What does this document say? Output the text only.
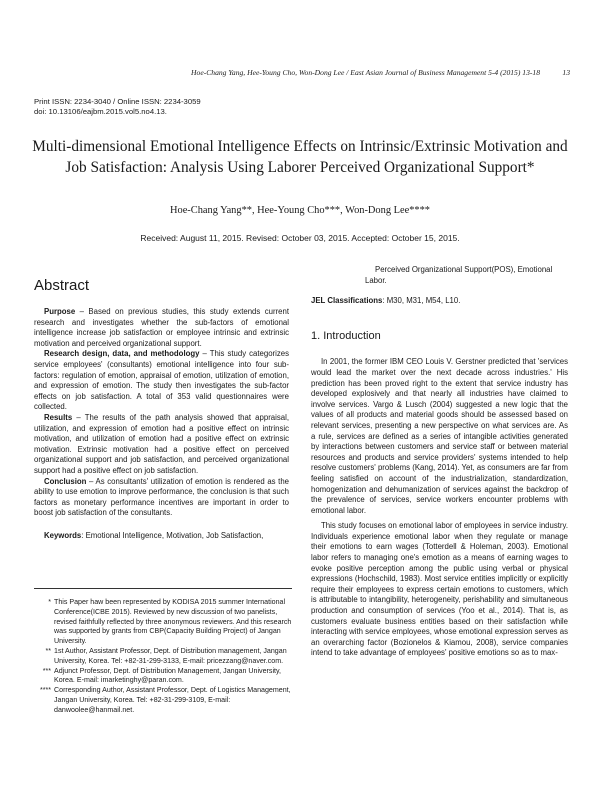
Hoe-Chang Yang, Hee-Young Cho, Won-Dong Lee / East Asian Journal of Business Management 5-4 (2015) 13-18	13
Print ISSN: 2234-3040 / Online ISSN: 2234-3059
doi: 10.13106/eajbm.2015.vol5.no4.13.
Multi-dimensional Emotional Intelligence Effects on Intrinsic/Extrinsic Motivation and
Job Satisfaction: Analysis Using Laborer Perceived Organizational Support*
Hoe-Chang Yang**, Hee-Young Cho***, Won-Dong Lee****
Received: August 11, 2015. Revised: October 03, 2015. Accepted: October 15, 2015.
Abstract

Purpose – Based on previous studies, this study extends current research and investigates whether the sub-factors of emotional intelligence increase job satisfaction or employee intrinsic and extrinsic motivation and perceived organizational support.

Research design, data, and methodology – This study categorizes service employees' (consultants) emotional intelligence into four sub-factors: regulation of emotion, appraisal of emotion, utilization of emotion, and expression of emotion. The study then investigates the sub-factor effects on job satisfaction. A total of 353 valid questionnaires were collected.

Results – The results of the path analysis showed that appraisal, utilization, and expression of emotion had a positive effect on intrinsic motivation, and utilization of emotion had a positive effect on extrinsic motivation. Extrinsic motivation had a positive effect on perceived organizational support and job satisfaction, and perceived organizational support had a positive effect on job satisfaction.

Conclusion – As consultants' utilization of emotion is rendered as the ability to use emotion to improve performance, the conclusion is that such factors as monetary performance incentives are important in order to boost job satisfaction of the consultants.

Keywords: Emotional Intelligence, Motivation, Job Satisfaction,

Perceived Organizational Support(POS), Emotional Labor.

JEL Classifications: M30, M31, M54, L10.

1. Introduction

In 2001, the former IBM CEO Louis V. Gerstner predicted that 'services would lead the market over the next decade across industries.' His prediction has been proved right to the extent that service industry has developed explosively and that nearly all industries have claimed to involve services. Vargo & Lusch (2004) suggested a new logic that the values of all products and material goods should be assessed based on relevant services, presenting a new perspective on what services are. As a rule, services are defined as a series of intangible activities generated by interactions between customers and service staff or between material resources and products and service providers' systems intended to help resolve customers' problems (Kang, 2014). Yet, as consumers are far from feeling satisfied on account of the industrialization, standardization, homogenization and dehumanization of services against the backdrop of the prevalence of services, service workers encounter problems with emotional labor.

This study focuses on emotional labor of employees in service industry. Individuals experience emotional labor when they regulate or manage their emotions to earn wages (Totterdell & Holeman, 2003). Emotional labor refers to managing one's emotion as a means of earning wages to evoke positive perception among the public using verbal or physical expressions (Hochschild, 1983). Most service entities implicitly or explicitly require their employees to express certain emotions to customers, which is attributable to intangibility, heterogeneity, perishability and simultaneous production and consumption of services (Yoo et al., 2014). That is, as customers evaluate business entities based on their satisfaction while interacting with service employees, whose emotional expression serves as an overarching factor (Bozionelos & Kiamou, 2008), service companies intend to take advantage of employees' positive emotions so as to max-

* This Paper haw been represented by KODISA 2015 summer International Conference(ICBE 2015). Reviewed by new discussion of two panelists, revised faithfully reflected by three anonymous reviewers. And this research was supported by grants from CBP(Capacity Building Project) of Jangan University.

** 1st Author, Assistant Professor, Dept. of Distribution management, Jangan University, Korea. Tel: +82-31-299-3133, E-mail: pricezzang@naver.com.

*** Adjunct Professor, Dept. of Distribution Management, Jangan University, Korea. E-mail: imarketinghy@paran.com.

**** Corresponding Author, Assistant Professor, Dept. of Logistics Management, Jangan University, Korea. Tel: +82-31-299-3109, E-mail: danwoolee@hanmail.net.
